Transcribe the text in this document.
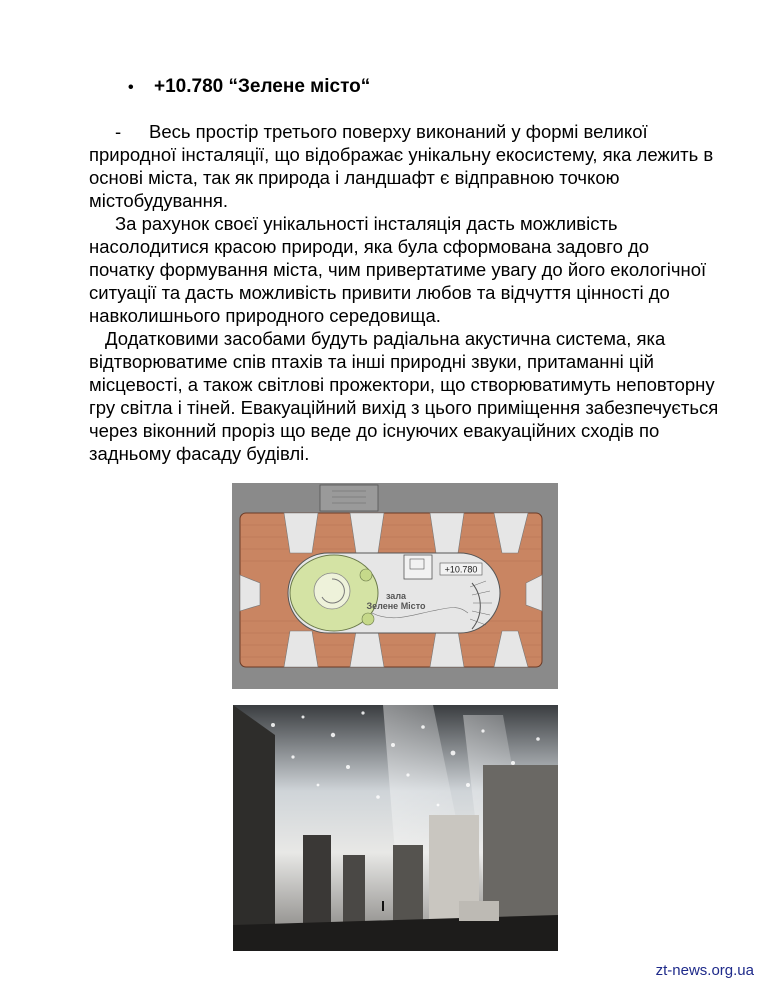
• +10.780 “Зелене місто“
- Весь простір третього поверху виконаний у формі великої природної інсталяції, що відображає унікальну екосистему, яка лежить в основі міста, так як природа і ландшафт є відправною точкою містобудування.
За рахунок своєї унікальності інсталяція дасть можливість насолодитися красою природи, яка була сформована задовго до початку формування міста, чим привертатиме увагу до його екологічної ситуації та дасть можливість привити любов та відчуття цінності до навколишнього природного середовища.
Додатковими засобами будуть радіальна акустична система, яка відтворюватиме спів птахів та інші природні звуки, притаманні цій місцевості, а також світлові прожектори, що створюватимуть неповторну гру світла і тіней. Евакуаційний вихід з цього приміщення забезпечується через віконний проріз що веде до існуючих евакуаційних сходів по задньому фасаду будівлі.
+10.780
зала
Зелене Місто
zt-news.org.ua
